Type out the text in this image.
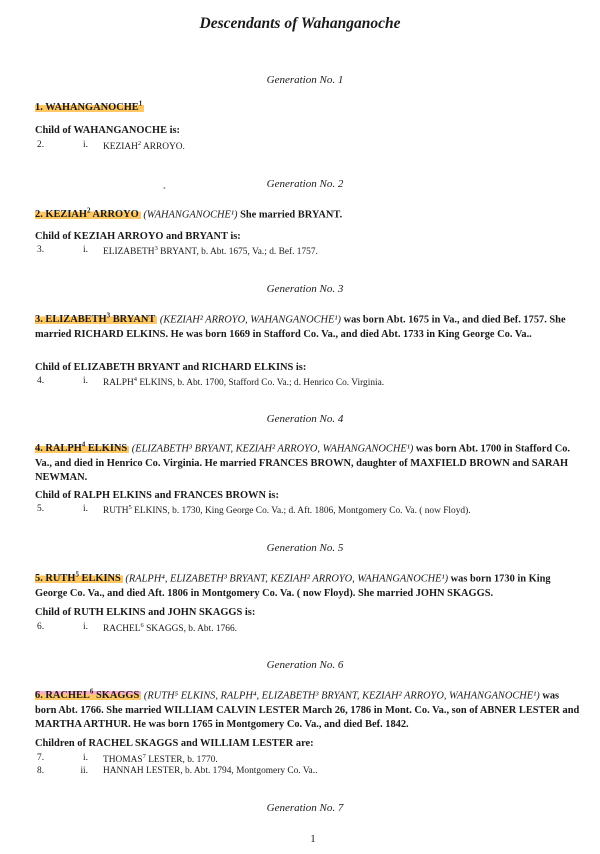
Descendants of Wahanganoche
•
Generation No. 1
1. WAHANGANOCHE$^1$
Child of WAHANGANOCHE is:
2.	i. KEZIAH$^2$ ARROYO.
Generation No. 2
2. KEZIAH$^2$ ARROYO (WAHANGANOCHE¹) She married BRYANT.
Child of KEZIAH ARROYO and BRYANT is:
3.	i. ELIZABETH$^3$ BRYANT, b. Abt. 1675, Va.; d. Bef. 1757.
Generation No. 3
3. ELIZABETH$^3$ BRYANT (KEZIAH² ARROYO, WAHANGANOCHE¹) was born Abt. 1675 in Va., and died Bef. 1757. She married RICHARD ELKINS. He was born 1669 in Stafford Co. Va., and died Abt. 1733 in King George Co. Va..
Child of ELIZABETH BRYANT and RICHARD ELKINS is:
4.	i. RALPH$^4$ ELKINS, b. Abt. 1700, Stafford Co. Va.; d. Henrico Co. Virginia.
Generation No. 4
4. RALPH$^4$ ELKINS (ELIZABETH³ BRYANT, KEZIAH² ARROYO, WAHANGANOCHE¹) was born Abt. 1700 in Stafford Co. Va., and died in Henrico Co. Virginia. He married FRANCES BROWN, daughter of MAXFIELD BROWN and SARAH NEWMAN.
Child of RALPH ELKINS and FRANCES BROWN is:
5.	i. RUTH$^5$ ELKINS, b. 1730, King George Co. Va.; d. Aft. 1806, Montgomery Co. Va. ( now Floyd).
Generation No. 5
5. RUTH$^5$ ELKINS (RALPH⁴, ELIZABETH³ BRYANT, KEZIAH² ARROYO, WAHANGANOCHE¹) was born 1730 in King George Co. Va., and died Aft. 1806 in Montgomery Co. Va. ( now Floyd). She married JOHN SKAGGS.
Child of RUTH ELKINS and JOHN SKAGGS is:
6.	i. RACHEL$^6$ SKAGGS, b. Abt. 1766.
Generation No. 6
6. RACHEL$^6$ SKAGGS (RUTH⁵ ELKINS, RALPH⁴, ELIZABETH³ BRYANT, KEZIAH² ARROYO, WAHANGANOCHE¹) was born Abt. 1766. She married WILLIAM CALVIN LESTER March 26, 1786 in Mont. Co. Va., son of ABNER LESTER and MARTHA ARTHUR. He was born 1765 in Montgomery Co. Va., and died Bef. 1842.
Children of RACHEL SKAGGS and WILLIAM LESTER are:
7.	i. THOMAS$^7$ LESTER, b. 1770.
8.	ii. HANNAH LESTER, b. Abt. 1794, Montgomery Co. Va..
Generation No. 7
1
